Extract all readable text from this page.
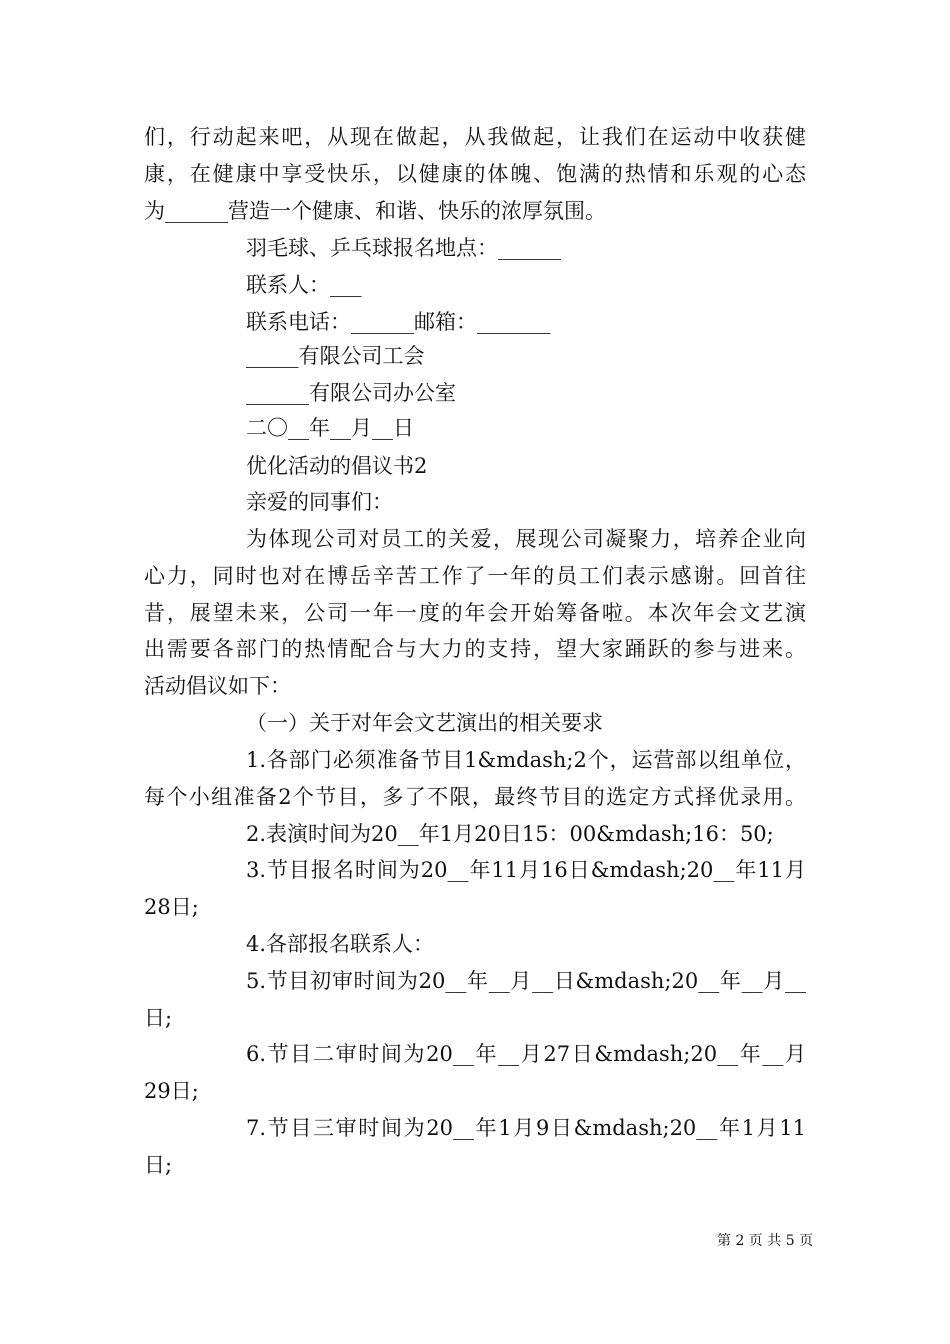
们，行动起来吧，从现在做起，从我做起，让我们在运动中收获健
康，在健康中享受快乐，以健康的体魄、饱满的热情和乐观的心态
为______营造一个健康、和谐、快乐的浓厚氛围。
羽毛球、乒乓球报名地点：______
联系人：___
联系电话：______邮箱：_______
_____有限公司工会
______有限公司办公室
二〇__年__月__日
优化活动的倡议书2
亲爱的同事们：
为体现公司对员工的关爱，展现公司凝聚力，培养企业向
心力，同时也对在博岳辛苦工作了一年的员工们表示感谢。回首往
昔，展望未来，公司一年一度的年会开始筹备啦。本次年会文艺演
出需要各部门的热情配合与大力的支持，望大家踊跃的参与进来。
活动倡议如下：
（一）关于对年会文艺演出的相关要求
1.各部门必须准备节目1&mdash;2个，运营部以组单位，
每个小组准备2个节目，多了不限，最终节目的选定方式择优录用。
2.表演时间为20__年1月20日15：00&mdash;16：50;
3.节目报名时间为20__年11月16日&mdash;20__年11月
28日;
4.各部报名联系人：
5.节目初审时间为20__年__月__日&mdash;20__年__月__
日;
6.节目二审时间为20__年__月27日&mdash;20__年__月
29日;
7.节目三审时间为20__年1月9日&mdash;20__年1月11
日;
第 2 页 共 5 页
